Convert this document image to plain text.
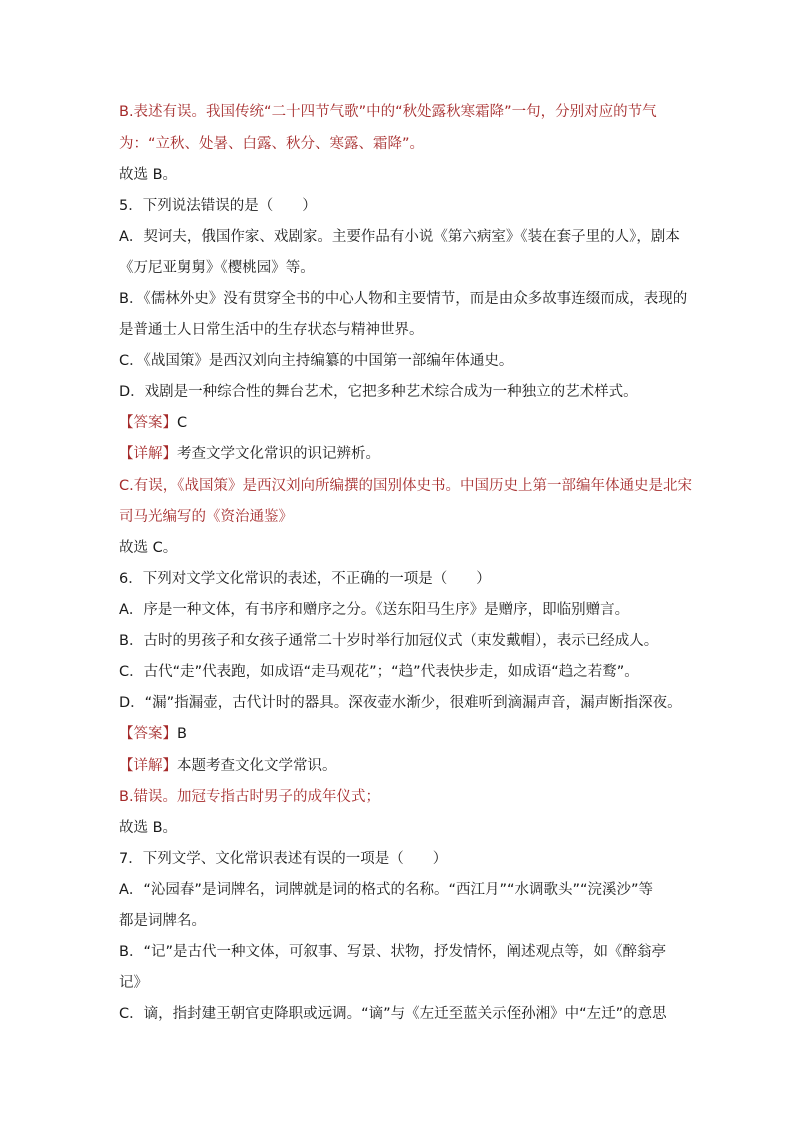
B.表述有误。我国传统“二十四节气歌”中的“秋处露秋寒霜降”一句，分别对应的节气
为：“立秋、处暑、白露、秋分、寒露、霜降”。
故选 B。
5．下列说法错误的是（　　）
A．契诃夫，俄国作家、戏剧家。主要作品有小说《第六病室》《装在套子里的人》，剧本
《万尼亚舅舅》《樱桃园》等。
B．《儒林外史》没有贯穿全书的中心人物和主要情节，而是由众多故事连缀而成，表现的
是普通士人日常生活中的生存状态与精神世界。
C．《战国策》是西汉刘向主持编纂的中国第一部编年体通史。
D．戏剧是一种综合性的舞台艺术，它把多种艺术综合成为一种独立的艺术样式。
【答案】C
【详解】考查文学文化常识的识记辨析。
C.有误，《战国策》是西汉刘向所编撰的国别体史书。中国历史上第一部编年体通史是北宋
司马光编写的《资治通鉴》
故选 C。
6．下列对文学文化常识的表述，不正确的一项是（　　）
A．序是一种文体，有书序和赠序之分。《送东阳马生序》是赠序，即临别赠言。
B．古时的男孩子和女孩子通常二十岁时举行加冠仪式（束发戴帽），表示已经成人。
C．古代“走”代表跑，如成语“走马观花”；“趋”代表快步走，如成语“趋之若鹜”。
D．“漏”指漏壶，古代计时的器具。深夜壶水渐少，很难听到滴漏声音，漏声断指深夜。
【答案】B
【详解】本题考查文化文学常识。
B.错误。加冠专指古时男子的成年仪式；
故选 B。
7．下列文学、文化常识表述有误的一项是（　　）
A．“沁园春”是词牌名，词牌就是词的格式的名称。“西江月”“水调歌头”“浣溪沙”等
都是词牌名。
B．“记”是古代一种文体，可叙事、写景、状物，抒发情怀，阐述观点等，如《醉翁亭
记》
C．谪，指封建王朝官吏降职或远调。“谪”与《左迁至蓝关示侄孙湘》中“左迁”的意思
